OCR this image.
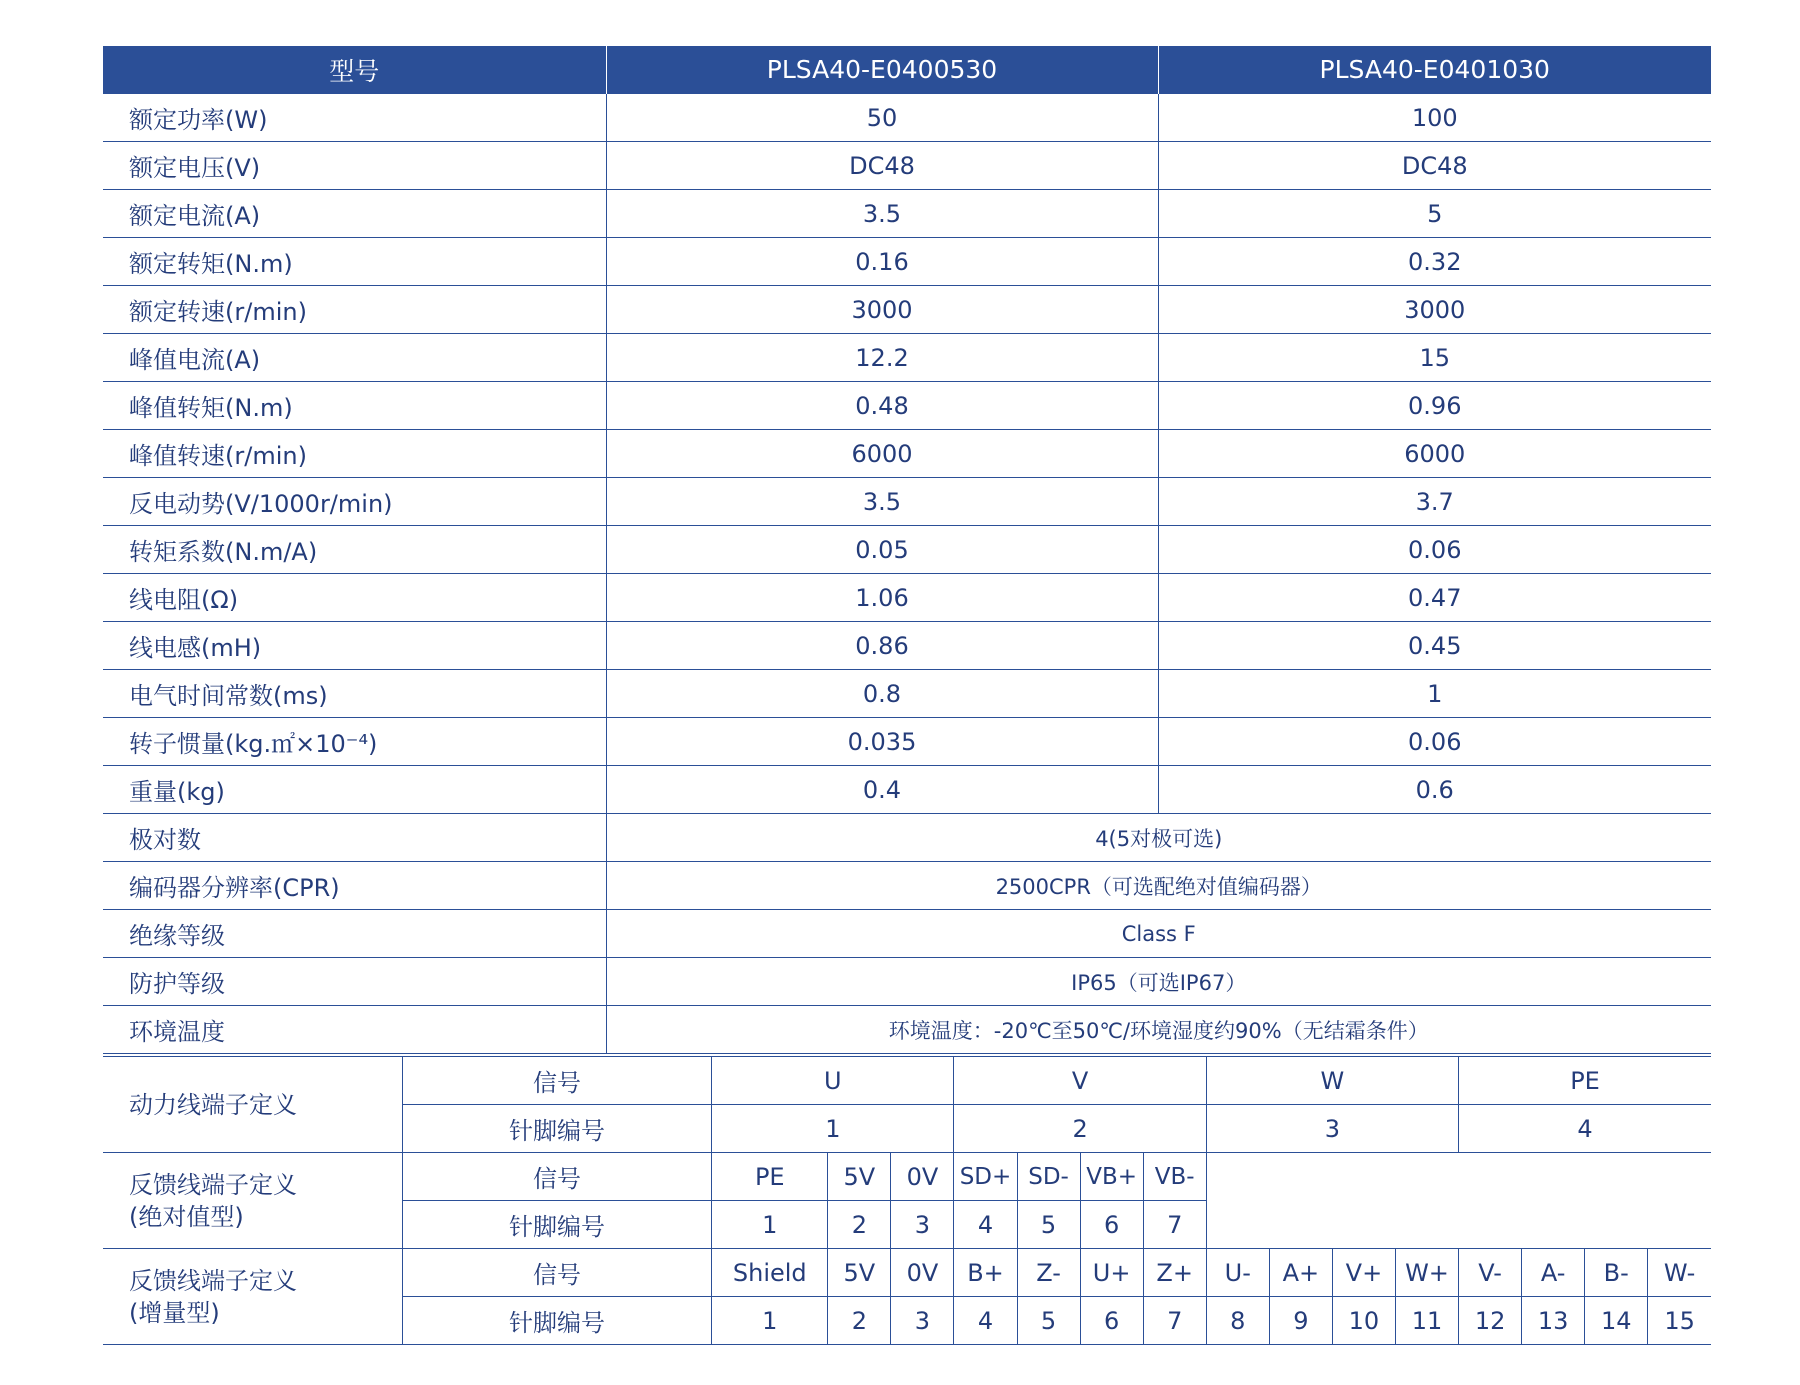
型号	PLSA40-E0400530	PLSA40-E0401030
额定功率(W)	50	100
额定电压(V)	DC48	DC48
额定电流(A)	3.5	5
额定转矩(N.m)	0.16	0.32
额定转速(r/min)	3000	3000
峰值电流(A)	12.2	15
峰值转矩(N.m)	0.48	0.96
峰值转速(r/min)	6000	6000
反电动势(V/1000r/min)	3.5	3.7
转矩系数(N.m/A)	0.05	0.06
线电阻(Ω)	1.06	0.47
线电感(mH)	0.86	0.45
电气时间常数(ms)	0.8	1
转子惯量(kg.㎡×10⁻⁴)	0.035	0.06
重量(kg)	0.4	0.6
极对数	4(5对极可选)	
编码器分辨率(CPR)	2500CPR（可选配绝对值编码器）	
绝缘等级	Class F	
防护等级	IP65（可选IP67）	
环境温度	环境温度：-20℃至50℃/环境湿度约90%（无结霜条件）	
动力线端子定义	信号	U			V				W				PE			
	针脚编号	1			2				3				4			
反馈线端子定义
(绝对值型)	信号	PE	5V	0V	SD+	SD-	VB+	VB-								
	针脚编号	1	2	3	4	5	6	7								
反馈线端子定义
(增量型)	信号	Shield	5V	0V	B+	Z-	U+	Z+	U-	A+	V+	W+	V-	A-	B-	W-
	针脚编号	1	2	3	4	5	6	7	8	9	10	11	12	13	14	15
